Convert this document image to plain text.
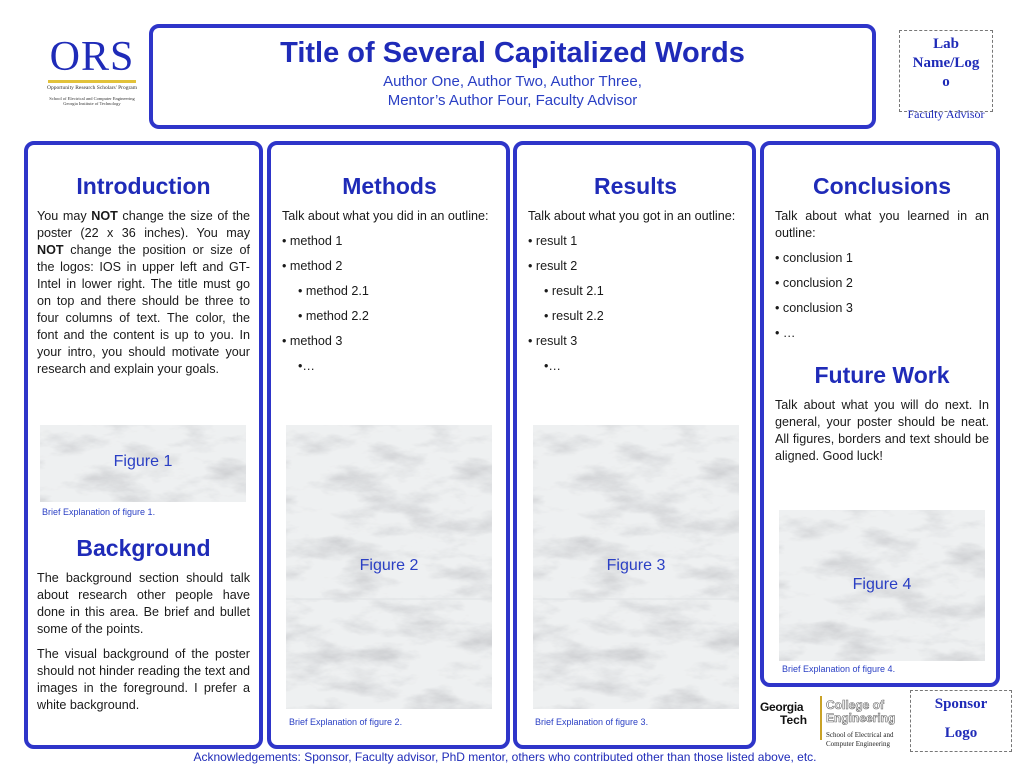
ORS
Opportunity Research Scholars' Program
School of Electrical and Computer Engineering
Georgia Institute of Technology
Title of Several Capitalized Words
Author One, Author Two, Author Three,
Mentor’s Author Four, Faculty Advisor
Lab
Name/Log
o
Faculty Advisor
Introduction

You may NOT change the size of the poster (22 x 36 inches). You may NOT change the position or size of the logos: IOS in upper left and GT-Intel in lower right. The title must go on top and there should be three to four columns of text. The color, the font and the content is up to you. In your intro, you should motivate your research and explain your goals.

Figure 1
Brief Explanation of figure 1.
Background

The background section should talk about research other people have done in this area. Be brief and bullet some of the points.

The visual background of the poster should not hinder reading the text and images in the foreground. I prefer a white background.

Methods

Talk about what you did in an outline:

• method 1

• method 2

• method 2.1

• method 2.2

• method 3

•…

Figure 2
Brief Explanation of figure 2.
Results

Talk about what you got in an outline:

• result 1

• result 2

• result 2.1

• result 2.2

• result 3

•…

Figure 3
Brief Explanation of figure 3.
Conclusions

Talk about what you learned in an outline:

• conclusion 1

• conclusion 2

• conclusion 3

• …

Future Work

Talk about what you will do next. In general, your poster should be neat. All figures, borders and text should be aligned. Good luck!

Figure 4
Brief Explanation of figure 4.
Georgia
Tech
College of
Engineering
School of Electrical and
Computer Engineering
Sponsor
Logo
Acknowledgements: Sponsor, Faculty advisor, PhD mentor, others who contributed other than those listed above, etc.
